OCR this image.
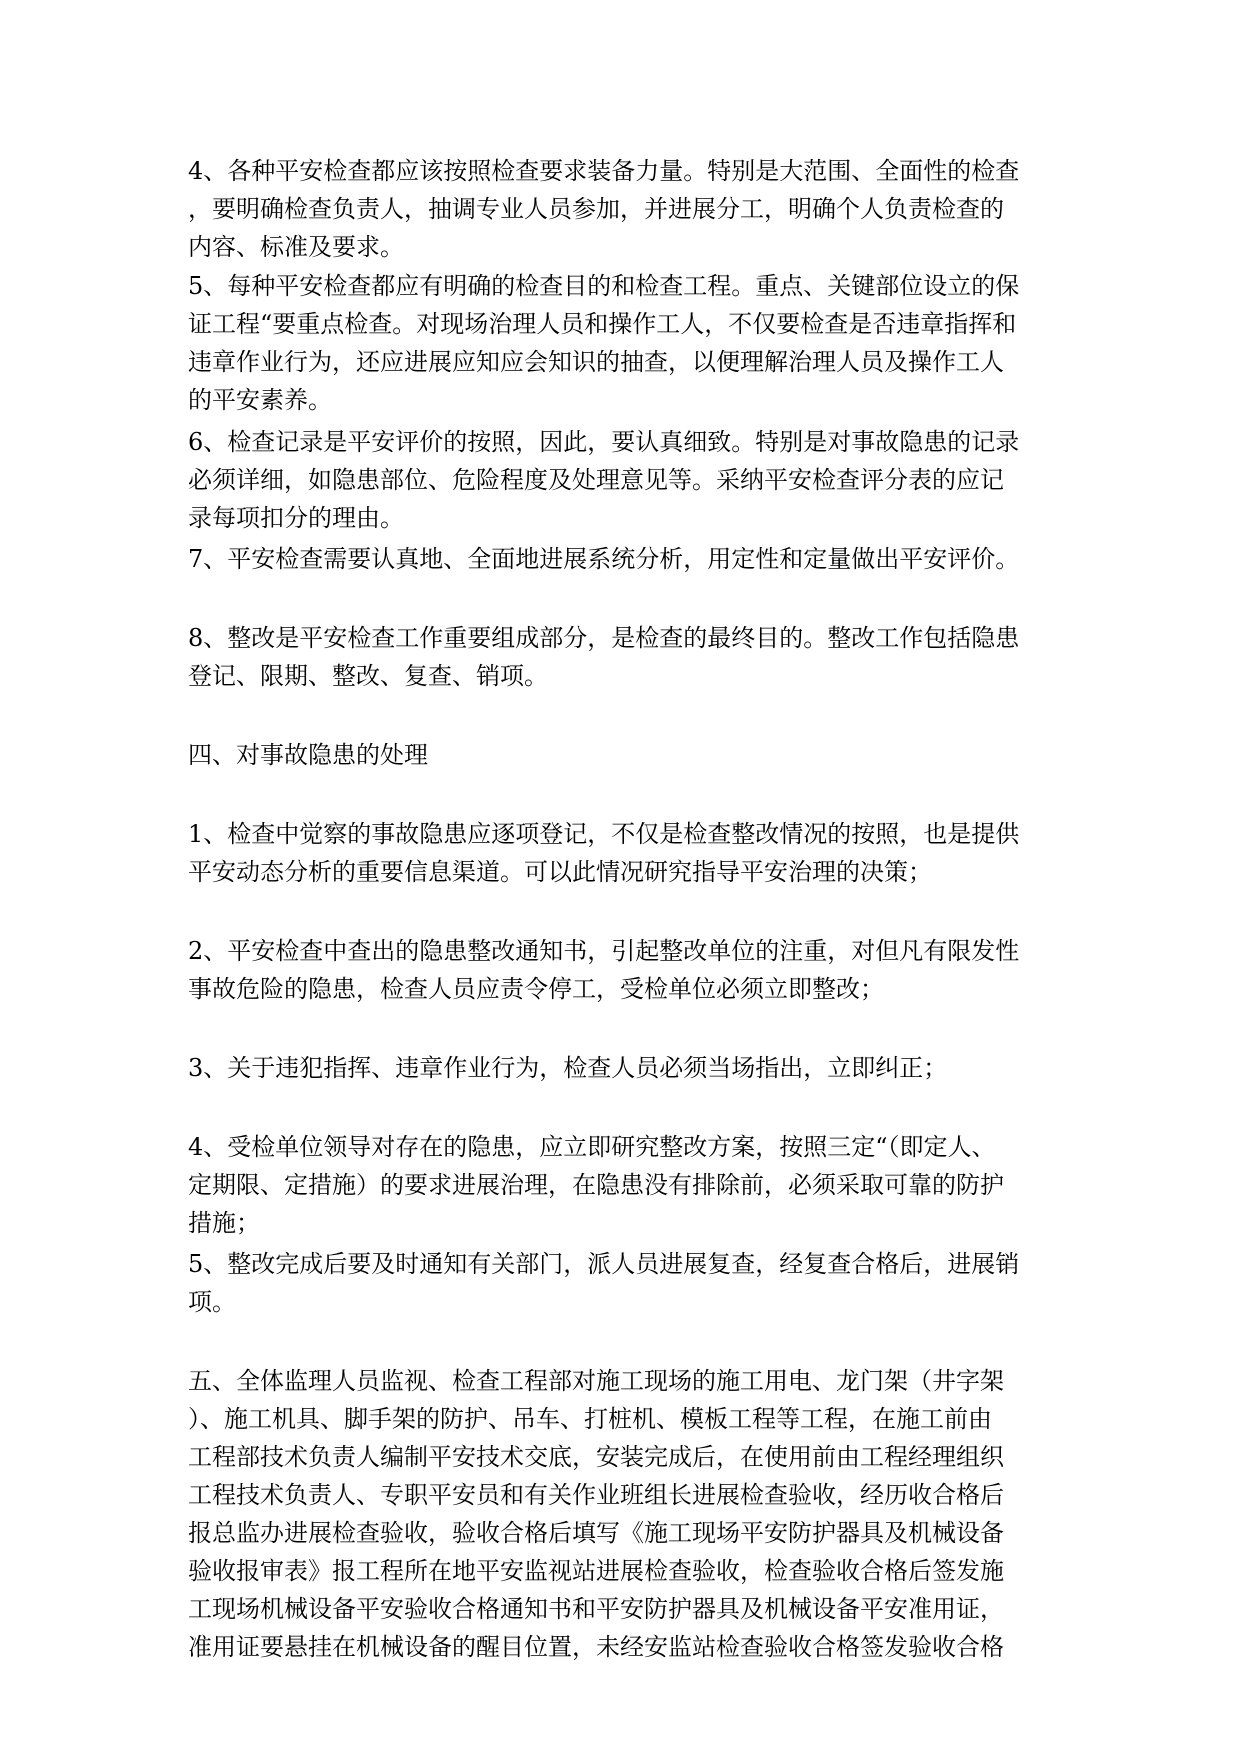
4、各种平安检查都应该按照检查要求装备力量。特别是大范围、全面性的检查
，要明确检查负责人，抽调专业人员参加，并进展分工，明确个人负责检查的
内容、标准及要求。

5、每种平安检查都应有明确的检查目的和检查工程。重点、关键部位设立的保
证工程“要重点检查。对现场治理人员和操作工人，不仅要检查是否违章指挥和
违章作业行为，还应进展应知应会知识的抽查，以便理解治理人员及操作工人
的平安素养。

6、检查记录是平安评价的按照，因此，要认真细致。特别是对事故隐患的记录
必须详细，如隐患部位、危险程度及处理意见等。采纳平安检查评分表的应记
录每项扣分的理由。

7、平安检查需要认真地、全面地进展系统分析，用定性和定量做出平安评价。

8、整改是平安检查工作重要组成部分，是检查的最终目的。整改工作包括隐患
登记、限期、整改、复查、销项。

四、对事故隐患的处理

1、检查中觉察的事故隐患应逐项登记，不仅是检查整改情况的按照，也是提供
平安动态分析的重要信息渠道。可以此情况研究指导平安治理的决策；

2、平安检查中查出的隐患整改通知书，引起整改单位的注重，对但凡有限发性
事故危险的隐患，检查人员应责令停工，受检单位必须立即整改；

3、关于违犯指挥、违章作业行为，检查人员必须当场指出，立即纠正；

4、受检单位领导对存在的隐患，应立即研究整改方案，按照三定“（即定人、
定期限、定措施）的要求进展治理，在隐患没有排除前，必须采取可靠的防护
措施；

5、整改完成后要及时通知有关部门，派人员进展复查，经复查合格后，进展销
项。

五、全体监理人员监视、检查工程部对施工现场的施工用电、龙门架（井字架
）、施工机具、脚手架的防护、吊车、打桩机、模板工程等工程，在施工前由
工程部技术负责人编制平安技术交底，安装完成后，在使用前由工程经理组织
工程技术负责人、专职平安员和有关作业班组长进展检查验收，经历收合格后
报总监办进展检查验收，验收合格后填写《施工现场平安防护器具及机械设备
验收报审表》报工程所在地平安监视站进展检查验收，检查验收合格后签发施
工现场机械设备平安验收合格通知书和平安防护器具及机械设备平安准用证，
准用证要悬挂在机械设备的醒目位置，未经安监站检查验收合格签发验收合格
